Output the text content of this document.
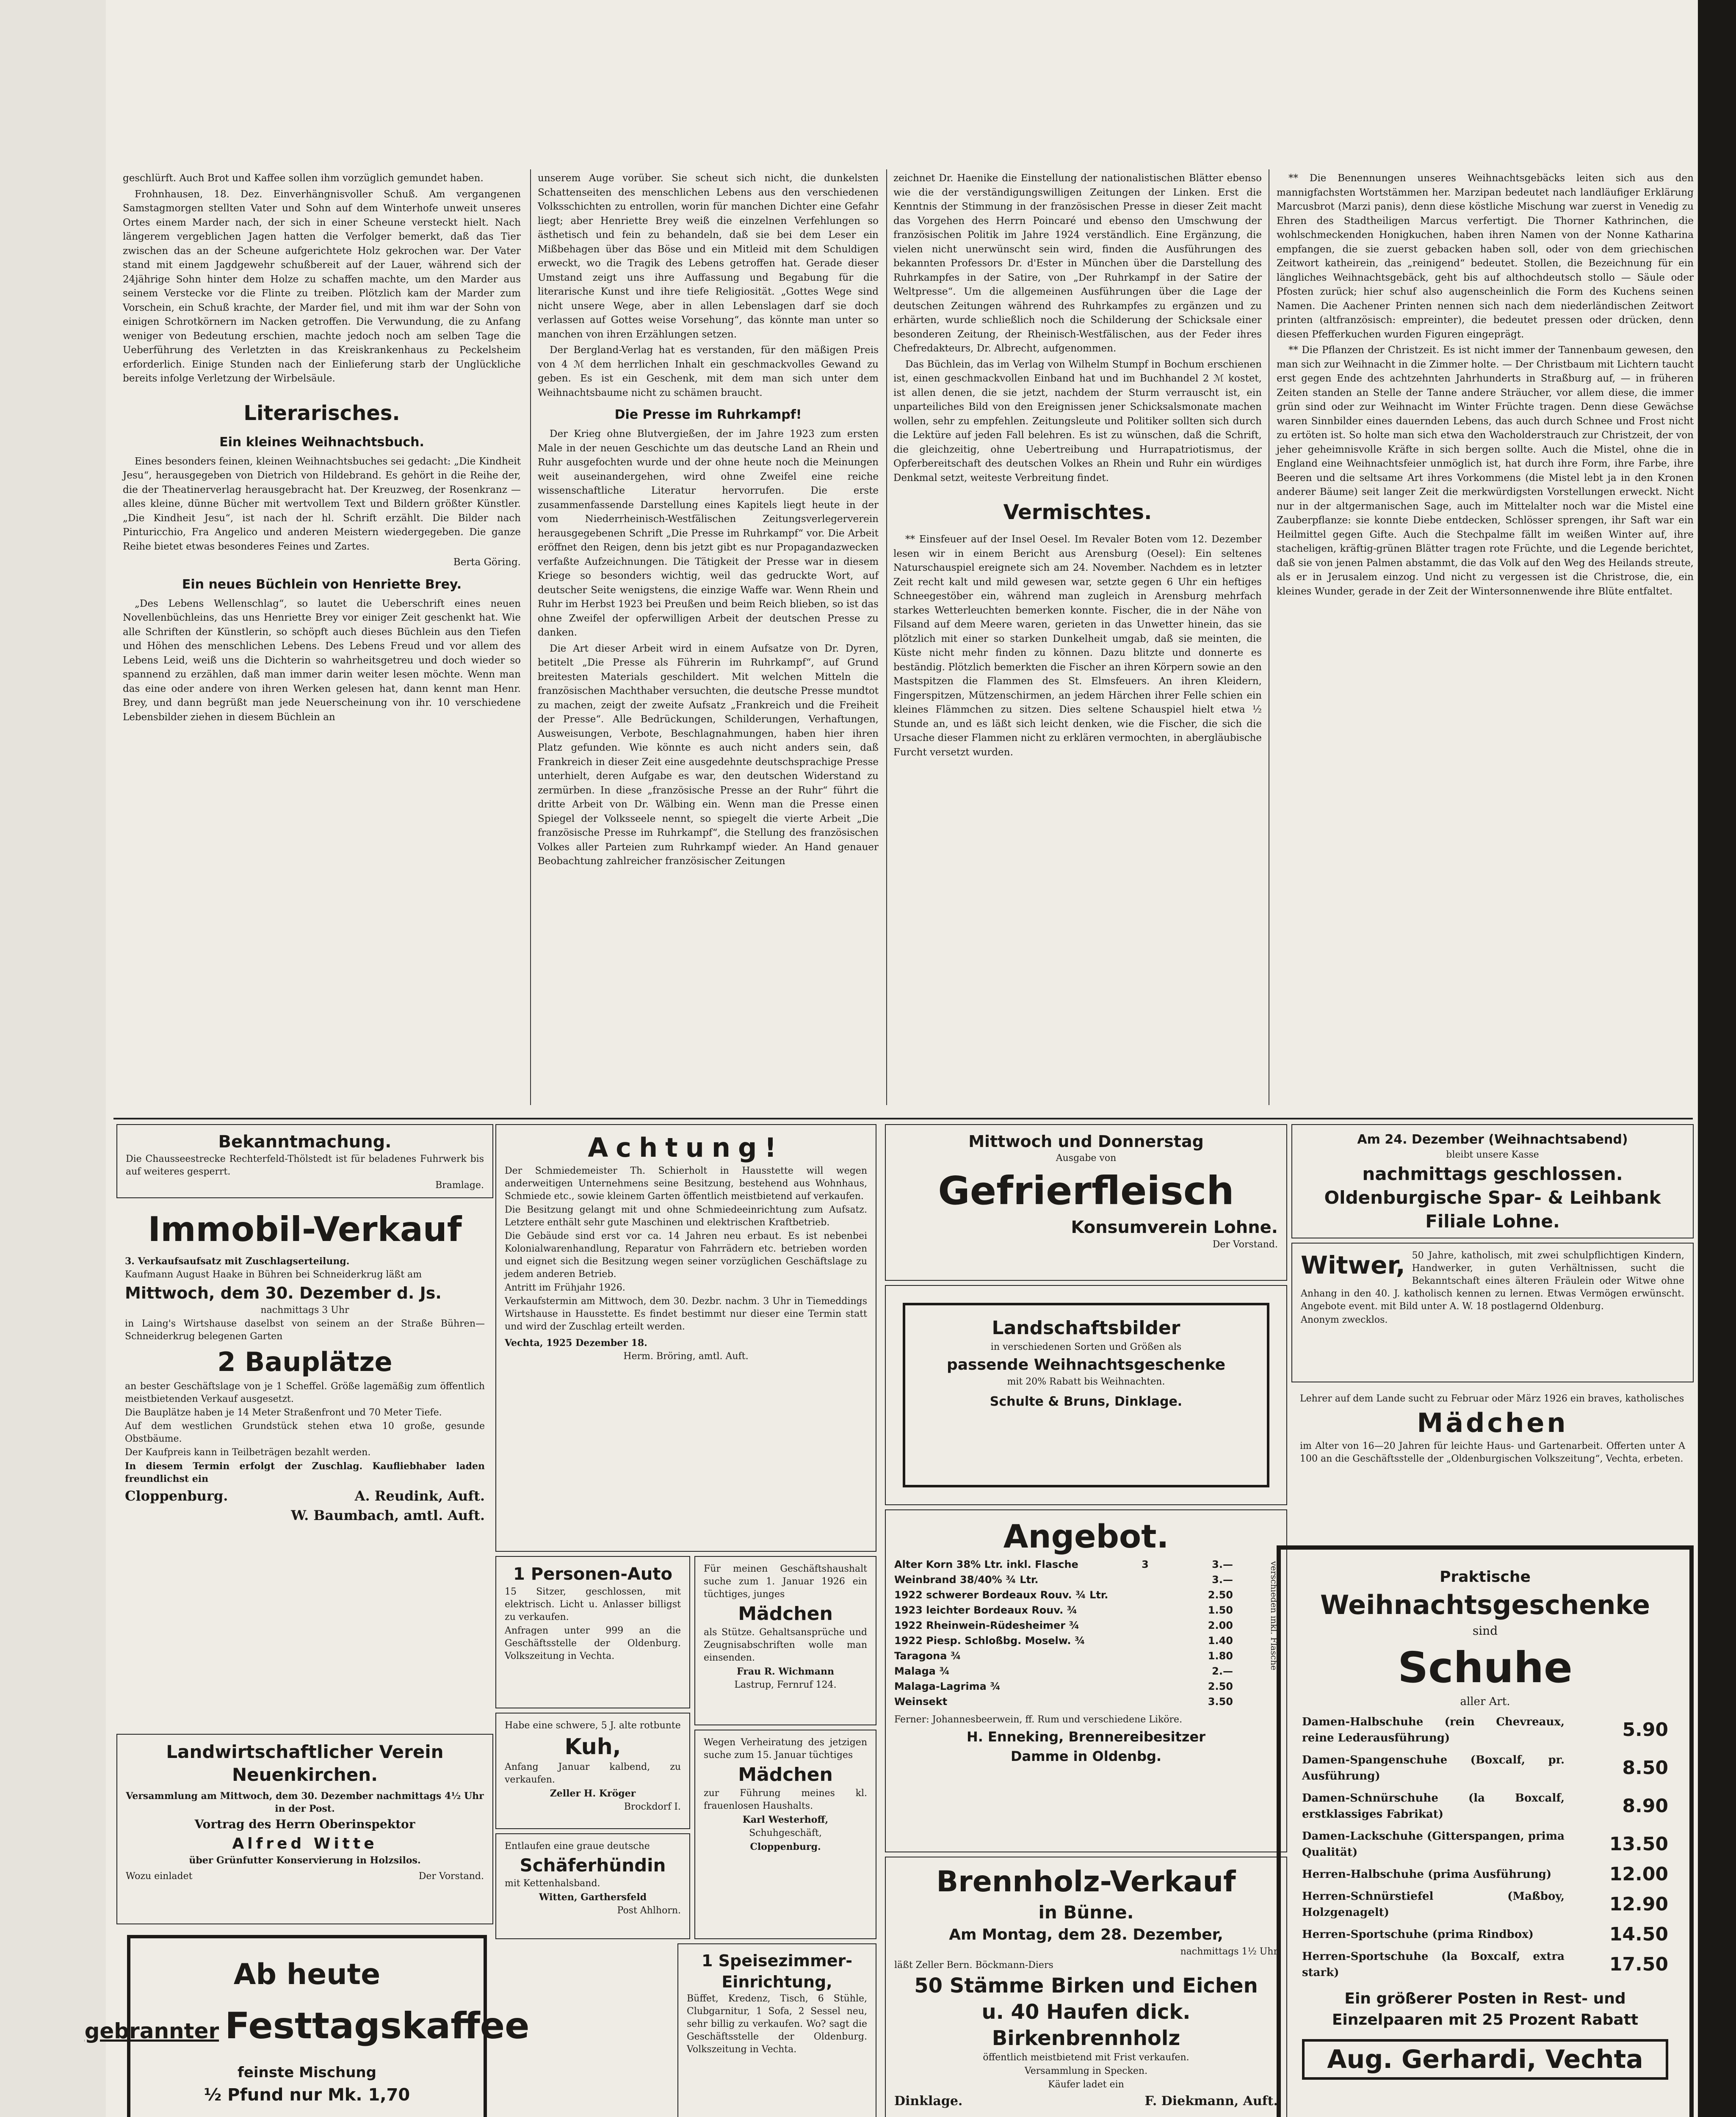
geschlürft. Auch Brot und Kaffee sollen ihm vorzüglich gemundet haben.

Frohnhausen, 18. Dez. Einverhängnisvoller Schuß. Am vergangenen Samstagmorgen stellten Vater und Sohn auf dem Winterhofe unweit unseres Ortes einem Marder nach, der sich in einer Scheune versteckt hielt. Nach längerem vergeblichen Jagen hatten die Verfolger bemerkt, daß das Tier zwischen das an der Scheune aufgerichtete Holz gekrochen war. Der Vater stand mit einem Jagdgewehr schußbereit auf der Lauer, während sich der 24jährige Sohn hinter dem Holze zu schaffen machte, um den Marder aus seinem Verstecke vor die Flinte zu treiben. Plötzlich kam der Marder zum Vorschein, ein Schuß krachte, der Marder fiel, und mit ihm war der Sohn von einigen Schrotkörnern im Nacken getroffen. Die Verwundung, die zu Anfang weniger von Bedeutung erschien, machte jedoch noch am selben Tage die Ueberführung des Verletzten in das Kreiskrankenhaus zu Peckelsheim erforderlich. Einige Stunden nach der Einlieferung starb der Unglückliche bereits infolge Verletzung der Wirbelsäule.

Literarisches.
Ein kleines Weihnachtsbuch.

Eines besonders feinen, kleinen Weihnachtsbuches sei gedacht: „Die Kindheit Jesu“, herausgegeben von Dietrich von Hildebrand. Es gehört in die Reihe der, die der Theatinerverlag herausgebracht hat. Der Kreuzweg, der Rosenkranz — alles kleine, dünne Bücher mit wertvollem Text und Bildern größter Künstler. „Die Kindheit Jesu“, ist nach der hl. Schrift erzählt. Die Bilder nach Pinturicchio, Fra Angelico und anderen Meistern wiedergegeben. Die ganze Reihe bietet etwas besonderes Feines und Zartes.

Berta Göring.

Ein neues Büchlein von Henriette Brey.

„Des Lebens Wellenschlag“, so lautet die Ueberschrift eines neuen Novellenbüchleins, das uns Henriette Brey vor einiger Zeit geschenkt hat. Wie alle Schriften der Künstlerin, so schöpft auch dieses Büchlein aus den Tiefen und Höhen des menschlichen Lebens. Des Lebens Freud und vor allem des Lebens Leid, weiß uns die Dichterin so wahrheitsgetreu und doch wieder so spannend zu erzählen, daß man immer darin weiter lesen möchte. Wenn man das eine oder andere von ihren Werken gelesen hat, dann kennt man Henr. Brey, und dann begrüßt man jede Neuerscheinung von ihr. 10 verschiedene Lebensbilder ziehen in diesem Büchlein an

unserem Auge vorüber. Sie scheut sich nicht, die dunkelsten Schattenseiten des menschlichen Lebens aus den verschiedenen Volksschichten zu entrollen, worin für manchen Dichter eine Gefahr liegt; aber Henriette Brey weiß die einzelnen Verfehlungen so ästhetisch und fein zu behandeln, daß sie bei dem Leser ein Mißbehagen über das Böse und ein Mitleid mit dem Schuldigen erweckt, wo die Tragik des Lebens getroffen hat. Gerade dieser Umstand zeigt uns ihre Auffassung und Begabung für die literarische Kunst und ihre tiefe Religiosität. „Gottes Wege sind nicht unsere Wege, aber in allen Lebenslagen darf sie doch verlassen auf Gottes weise Vorsehung“, das könnte man unter so manchen von ihren Erzählungen setzen.

Der Bergland-Verlag hat es verstanden, für den mäßigen Preis von 4 ℳ dem herrlichen Inhalt ein geschmackvolles Gewand zu geben. Es ist ein Geschenk, mit dem man sich unter dem Weihnachtsbaume nicht zu schämen braucht.

Die Presse im Ruhrkampf!

Der Krieg ohne Blutvergießen, der im Jahre 1923 zum ersten Male in der neuen Geschichte um das deutsche Land an Rhein und Ruhr ausgefochten wurde und der ohne heute noch die Meinungen weit auseinandergehen, wird ohne Zweifel eine reiche wissenschaftliche Literatur hervorrufen. Die erste zusammenfassende Darstellung eines Kapitels liegt heute in der vom Niederrheinisch-Westfälischen Zeitungsverlegerverein herausgegebenen Schrift „Die Presse im Ruhrkampf“ vor. Die Arbeit eröffnet den Reigen, denn bis jetzt gibt es nur Propagandazwecken verfaßte Aufzeichnungen. Die Tätigkeit der Presse war in diesem Kriege so besonders wichtig, weil das gedruckte Wort, auf deutscher Seite wenigstens, die einzige Waffe war. Wenn Rhein und Ruhr im Herbst 1923 bei Preußen und beim Reich blieben, so ist das ohne Zweifel der opferwilligen Arbeit der deutschen Presse zu danken.

Die Art dieser Arbeit wird in einem Aufsatze von Dr. Dyren, betitelt „Die Presse als Führerin im Ruhrkampf“, auf Grund breitesten Materials geschildert. Mit welchen Mitteln die französischen Machthaber versuchten, die deutsche Presse mundtot zu machen, zeigt der zweite Aufsatz „Frankreich und die Freiheit der Presse“. Alle Bedrückungen, Schilderungen, Verhaftungen, Ausweisungen, Verbote, Beschlagnahmungen, haben hier ihren Platz gefunden. Wie könnte es auch nicht anders sein, daß Frankreich in dieser Zeit eine ausgedehnte deutschsprachige Presse unterhielt, deren Aufgabe es war, den deutschen Widerstand zu zermürben. In diese „französische Presse an der Ruhr“ führt die dritte Arbeit von Dr. Wälbing ein. Wenn man die Presse einen Spiegel der Volksseele nennt, so spiegelt die vierte Arbeit „Die französische Presse im Ruhrkampf“, die Stellung des französischen Volkes aller Parteien zum Ruhrkampf wieder. An Hand genauer Beobachtung zahlreicher französischer Zeitungen

zeichnet Dr. Haenike die Einstellung der nationalistischen Blätter ebenso wie die der verständigungswilligen Zeitungen der Linken. Erst die Kenntnis der Stimmung in der französischen Presse in dieser Zeit macht das Vorgehen des Herrn Poincaré und ebenso den Umschwung der französischen Politik im Jahre 1924 verständlich. Eine Ergänzung, die vielen nicht unerwünscht sein wird, finden die Ausführungen des bekannten Professors Dr. d'Ester in München über die Darstellung des Ruhrkampfes in der Satire, von „Der Ruhrkampf in der Satire der Weltpresse“. Um die allgemeinen Ausführungen über die Lage der deutschen Zeitungen während des Ruhrkampfes zu ergänzen und zu erhärten, wurde schließlich noch die Schilderung der Schicksale einer besonderen Zeitung, der Rheinisch-Westfälischen, aus der Feder ihres Chefredakteurs, Dr. Albrecht, aufgenommen.

Das Büchlein, das im Verlag von Wilhelm Stumpf in Bochum erschienen ist, einen geschmackvollen Einband hat und im Buchhandel 2 ℳ kostet, ist allen denen, die sie jetzt, nachdem der Sturm verrauscht ist, ein unparteiliches Bild von den Ereignissen jener Schicksalsmonate machen wollen, sehr zu empfehlen. Zeitungsleute und Politiker sollten sich durch die Lektüre auf jeden Fall belehren. Es ist zu wünschen, daß die Schrift, die gleichzeitig, ohne Uebertreibung und Hurrapatriotismus, der Opferbereitschaft des deutschen Volkes an Rhein und Ruhr ein würdiges Denkmal setzt, weiteste Verbreitung findet.

Vermischtes.

** Einsfeuer auf der Insel Oesel. Im Revaler Boten vom 12. Dezember lesen wir in einem Bericht aus Arensburg (Oesel): Ein seltenes Naturschauspiel ereignete sich am 24. November. Nachdem es in letzter Zeit recht kalt und mild gewesen war, setzte gegen 6 Uhr ein heftiges Schneegestöber ein, während man zugleich in Arensburg mehrfach starkes Wetterleuchten bemerken konnte. Fischer, die in der Nähe von Filsand auf dem Meere waren, gerieten in das Unwetter hinein, das sie plötzlich mit einer so starken Dunkelheit umgab, daß sie meinten, die Küste nicht mehr finden zu können. Dazu blitzte und donnerte es beständig. Plötzlich bemerkten die Fischer an ihren Körpern sowie an den Mastspitzen die Flammen des St. Elmsfeuers. An ihren Kleidern, Fingerspitzen, Mützenschirmen, an jedem Härchen ihrer Felle schien ein kleines Flämmchen zu sitzen. Dies seltene Schauspiel hielt etwa ½ Stunde an, und es läßt sich leicht denken, wie die Fischer, die sich die Ursache dieser Flammen nicht zu erklären vermochten, in abergläubische Furcht versetzt wurden.

** Die Benennungen unseres Weihnachtsgebäcks leiten sich aus den mannigfachsten Wortstämmen her. Marzipan bedeutet nach landläufiger Erklärung Marcusbrot (Marzi panis), denn diese köstliche Mischung war zuerst in Venedig zu Ehren des Stadtheiligen Marcus verfertigt. Die Thorner Kathrinchen, die wohlschmeckenden Honigkuchen, haben ihren Namen von der Nonne Katharina empfangen, die sie zuerst gebacken haben soll, oder von dem griechischen Zeitwort katheirein, das „reinigend“ bedeutet. Stollen, die Bezeichnung für ein längliches Weihnachtsgebäck, geht bis auf althochdeutsch stollo — Säule oder Pfosten zurück; hier schuf also augenscheinlich die Form des Kuchens seinen Namen. Die Aachener Printen nennen sich nach dem niederländischen Zeitwort printen (altfranzösisch: empreinter), die bedeutet pressen oder drücken, denn diesen Pfefferkuchen wurden Figuren eingeprägt.

** Die Pflanzen der Christzeit. Es ist nicht immer der Tannenbaum gewesen, den man sich zur Weihnacht in die Zimmer holte. — Der Christbaum mit Lichtern taucht erst gegen Ende des achtzehnten Jahrhunderts in Straßburg auf, — in früheren Zeiten standen an Stelle der Tanne andere Sträucher, vor allem diese, die immer grün sind oder zur Weihnacht im Winter Früchte tragen. Denn diese Gewächse waren Sinnbilder eines dauernden Lebens, das auch durch Schnee und Frost nicht zu ertöten ist. So holte man sich etwa den Wacholderstrauch zur Christzeit, der von jeher geheimnisvolle Kräfte in sich bergen sollte. Auch die Mistel, ohne die in England eine Weihnachtsfeier unmöglich ist, hat durch ihre Form, ihre Farbe, ihre Beeren und die seltsame Art ihres Vorkommens (die Mistel lebt ja in den Kronen anderer Bäume) seit langer Zeit die merkwürdigsten Vorstellungen erweckt. Nicht nur in der altgermanischen Sage, auch im Mittelalter noch war die Mistel eine Zauberpflanze: sie konnte Diebe entdecken, Schlösser sprengen, ihr Saft war ein Heilmittel gegen Gifte. Auch die Stechpalme fällt im weißen Winter auf, ihre stacheligen, kräftig-grünen Blätter tragen rote Früchte, und die Legende berichtet, daß sie von jenen Palmen abstammt, die das Volk auf den Weg des Heilands streute, als er in Jerusalem einzog. Und nicht zu vergessen ist die Christrose, die, ein kleines Wunder, gerade in der Zeit der Wintersonnenwende ihre Blüte entfaltet.

Bekanntmachung.

Die Chausseestrecke Rechterfeld-Thölstedt ist für beladenes Fuhrwerk bis auf weiteres gesperrt.

Bramlage.

Immobil-Verkauf

3. Verkaufsaufsatz mit Zuschlagserteilung.

Kaufmann August Haake in Bühren bei Schneiderkrug läßt am

Mittwoch, dem 30. Dezember d. Js.

nachmittags 3 Uhr

in Laing's Wirtshause daselbst von seinem an der Straße Bühren—Schneiderkrug belegenen Garten

2 Bauplätze

an bester Geschäftslage von je 1 Scheffel. Größe lagemäßig zum öffentlich meistbietenden Verkauf ausgesetzt.

Die Bauplätze haben je 14 Meter Straßenfront und 70 Meter Tiefe.

Auf dem westlichen Grundstück stehen etwa 10 große, gesunde Obstbäume.

Der Kaufpreis kann in Teilbeträgen bezahlt werden.

In diesem Termin erfolgt der Zuschlag. Kaufliebhaber laden freundlichst ein

Cloppenburg.	A. Reudink, Auft.
W. Baumbach, amtl. Auft.
Landwirtschaftlicher Verein
Neuenkirchen.

Versammlung am Mittwoch, dem 30. Dezember nachmittags 4½ Uhr in der Post.

Vortrag des Herrn Oberinspektor

Alfred Witte

über Grünfutter Konservierung in Holzsilos.

Wozu einladet	Der Vorstand.
Ab heute
gebrannter Festtagskaffee
feinste Mischung
½ Pfund nur Mk. 1,70
Achtung!

Der Schmiedemeister Th. Schierholt in Hausstette will wegen anderweitigen Unternehmens seine Besitzung, bestehend aus Wohnhaus, Schmiede etc., sowie kleinem Garten öffentlich meistbietend auf verkaufen.

Die Besitzung gelangt mit und ohne Schmiedeeinrichtung zum Aufsatz. Letztere enthält sehr gute Maschinen und elektrischen Kraftbetrieb.

Die Gebäude sind erst vor ca. 14 Jahren neu erbaut. Es ist nebenbei Kolonialwarenhandlung, Reparatur von Fahrrädern etc. betrieben worden und eignet sich die Besitzung wegen seiner vorzüglichen Geschäftslage zu jedem anderen Betrieb.

Antritt im Frühjahr 1926.

Verkaufstermin am Mittwoch, dem 30. Dezbr. nachm. 3 Uhr in Tiemeddings Wirtshause in Hausstette. Es findet bestimmt nur dieser eine Termin statt und wird der Zuschlag erteilt werden.

Vechta, 1925 Dezember 18.

Herm. Bröring, amtl. Auft.

1 Personen-Auto

15 Sitzer, geschlossen, mit elektrisch. Licht u. Anlasser billigst zu verkaufen.

Anfragen unter 999 an die Geschäftsstelle der Oldenburg. Volkszeitung in Vechta.

Habe eine schwere, 5 J. alte rotbunte

Kuh,

Anfang Januar kalbend, zu verkaufen.

Zeller H. Kröger

Brockdorf I.

Entlaufen eine graue deutsche

Schäferhündin

mit Kettenhalsband.

Witten, Garthersfeld

Post Ahlhorn.

Für meinen Geschäftshaushalt suche zum 1. Januar 1926 ein tüchtiges, junges

Mädchen

als Stütze. Gehaltsansprüche und Zeugnisabschriften wolle man einsenden.

Frau R. Wichmann

Lastrup, Fernruf 124.

Wegen Verheiratung des jetzigen suche zum 15. Januar tüchtiges

Mädchen

zur Führung meines kl. frauenlosen Haushalts.

Karl Westerhoff,

Schuhgeschäft,

Cloppenburg.

1 Speisezimmer-Einrichtung,

Büffet, Kredenz, Tisch, 6 Stühle, Clubgarnitur, 1 Sofa, 2 Sessel neu, sehr billig zu verkaufen. Wo? sagt die Geschäftsstelle der Oldenburg. Volkszeitung in Vechta.

Mittwoch und Donnerstag

Ausgabe von

Gefrierfleisch
Konsumverein Lohne.

Der Vorstand.

Landschaftsbilder

in verschiedenen Sorten und Größen als

passende Weihnachtsgeschenke

mit 20% Rabatt bis Weihnachten.

Schulte & Bruns, Dinklage.
Angebot.
Alter Korn 38% Ltr. inkl. Flasche	3	3.—
Weinbrand 38/40% ¾ Ltr.	3.—
1922 schwerer Bordeaux Rouv. ¾ Ltr.	2.50
1923 leichter Bordeaux Rouv. ¾	1.50
1922 Rheinwein-Rüdesheimer ¾	2.00
1922 Piesp. Schloßbg. Moselw. ¾	1.40
Taragona ¾	1.80
Malaga ¾	2.—
Malaga-Lagrima ¾	2.50
Weinsekt	3.50

Ferner: Johannesbeerwein, ff. Rum und verschiedene Liköre.

H. Enneking, Brennereibesitzer
Damme in Oldenbg.
verschieden inkl. Flasche
Brennholz-Verkauf
in Bünne.
Am Montag, dem 28. Dezember,

nachmittags 1½ Uhr

läßt Zeller Bern. Böckmann-Diers

50 Stämme Birken und Eichen
u. 40 Haufen dick. Birkenbrennholz

öffentlich meistbietend mit Frist verkaufen.

Versammlung in Specken.

Käufer ladet ein

Dinklage.	F. Diekmann, Auft.

Am 24. Dezember (Weihnachtsabend)

bleibt unsere Kasse

nachmittags geschlossen.
Oldenburgische Spar- & Leihbank
Filiale Lohne.
Witwer, 50 Jahre, katholisch, mit zwei schulpflichtigen Kindern, Handwerker, in guten Verhältnissen, sucht die Bekanntschaft eines älteren Fräulein oder Witwe ohne Anhang in den 40. J. katholisch kennen zu lernen. Etwas Vermögen erwünscht. Angebote event. mit Bild unter A. W. 18 postlagernd Oldenburg.

Anonym zwecklos.

Lehrer auf dem Lande sucht zu Februar oder März 1926 ein braves, katholisches

Mädchen

im Alter von 16—20 Jahren für leichte Haus- und Gartenarbeit. Offerten unter A 100 an die Geschäftsstelle der „Oldenburgischen Volkszeitung“, Vechta, erbeten.

Praktische
Weihnachtsgeschenke

sind

Schuhe

aller Art.

Damen-Halbschuhe (rein Chevreaux, reine Lederausführung)	5.90
Damen-Spangenschuhe (Boxcalf, pr. Ausführung)	8.50
Damen-Schnürschuhe (la Boxcalf, erstklassiges Fabrikat)	8.90
Damen-Lackschuhe (Gitterspangen, prima Qualität)	13.50
Herren-Halbschuhe (prima Ausführung)	12.00
Herren-Schnürstiefel (Maßboy, Holzgenagelt)	12.90
Herren-Sportschuhe (prima Rindbox)	14.50
Herren-Sportschuhe (la Boxcalf, extra stark)	17.50
Ein größerer Posten in Rest- und Einzelpaaren mit 25 Prozent Rabatt
Aug. Gerhardi, Vechta
